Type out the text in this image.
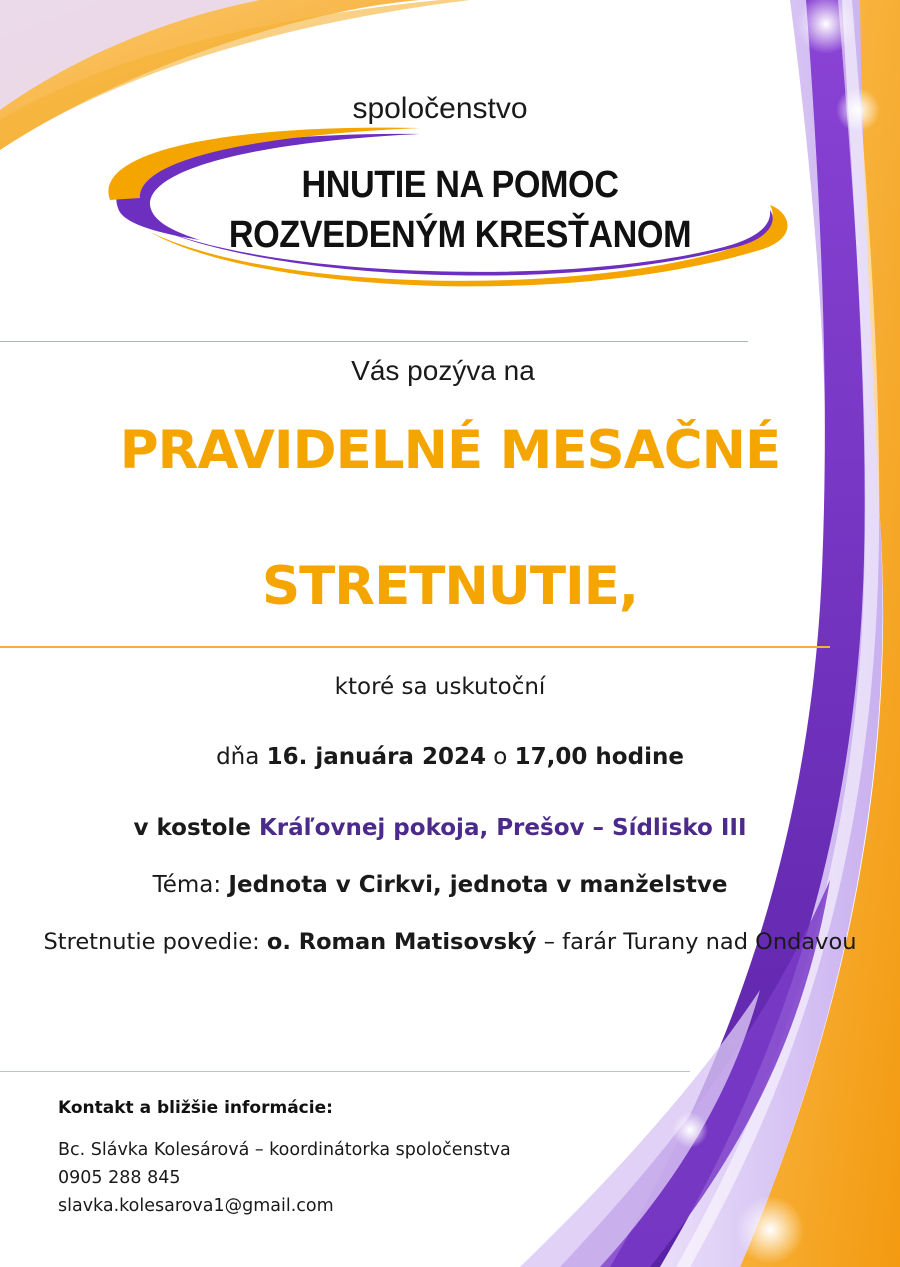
spoločenstvo
HNUTIE NA POMOC
ROZVEDENÝM KRESŤANOM
Vás pozýva na
PRAVIDELNÉ MESAČNÉ
STRETNUTIE,
ktoré sa uskutoční
dňa 16. januára 2024 o 17,00 hodine
v kostole Kráľovnej pokoja, Prešov – Sídlisko III
Téma: Jednota v Cirkvi, jednota v manželstve
Stretnutie povedie: o. Roman Matisovský – farár Turany nad Ondavou
Kontakt a bližšie informácie:
Bc. Slávka Kolesárová – koordinátorka spoločenstva
0905 288 845
slavka.kolesarova1@gmail.com
